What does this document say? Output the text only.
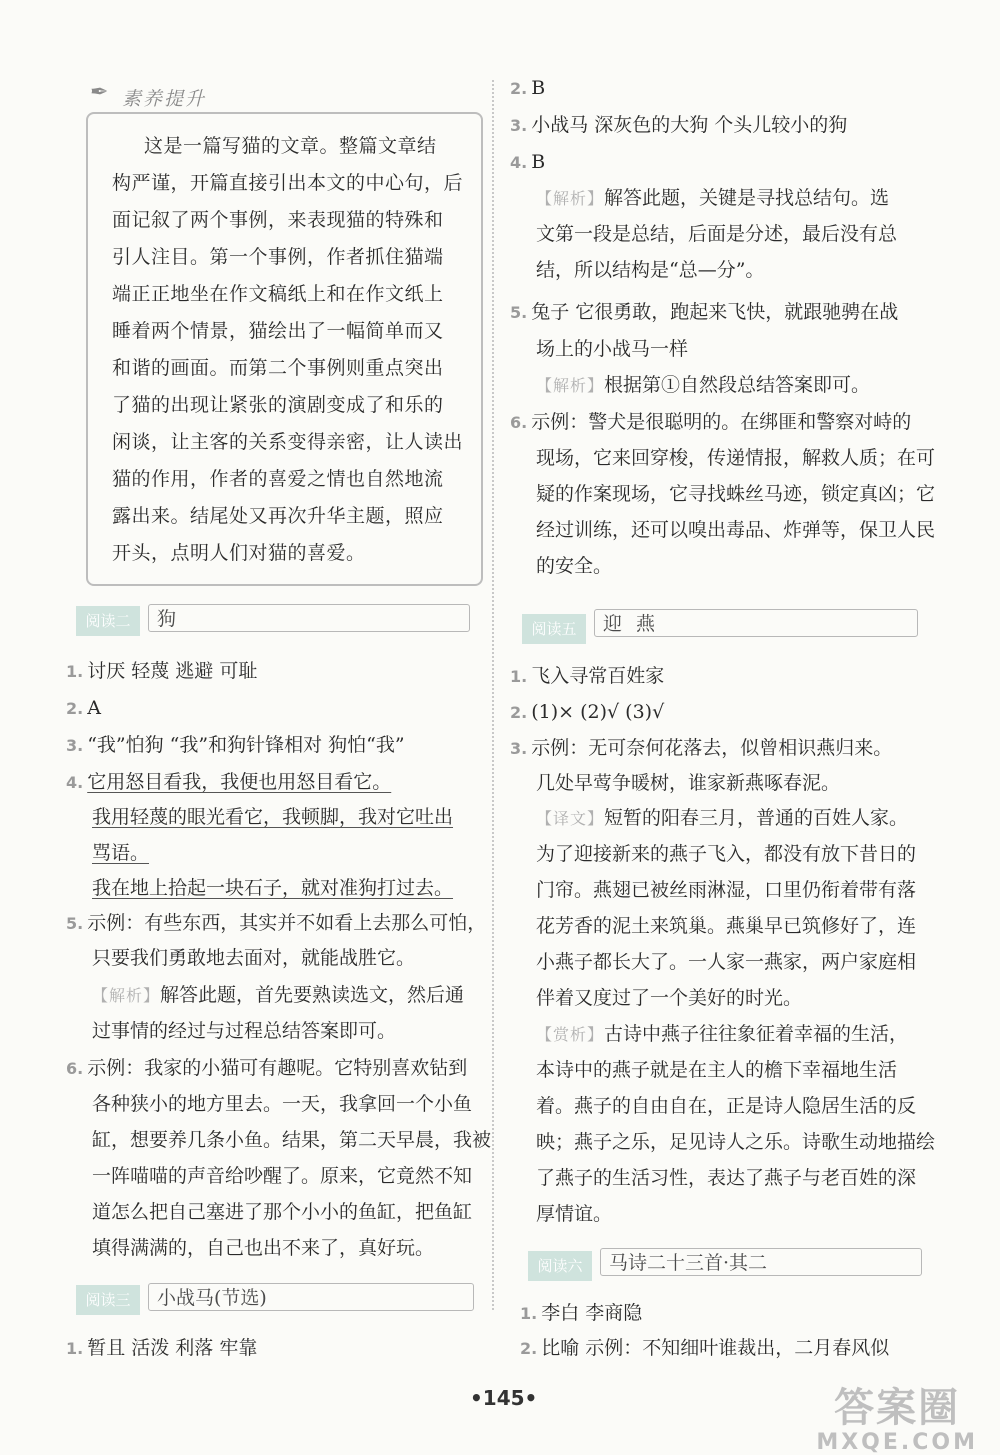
✒ 素养提升
这是一篇写猫的文章。整篇文章结
构严谨，开篇直接引出本文的中心句，后
面记叙了两个事例，来表现猫的特殊和
引人注目。第一个事例，作者抓住猫端
端正正地坐在作文稿纸上和在作文纸上
睡着两个情景，猫绘出了一幅简单而又
和谐的画面。而第二个事例则重点突出
了猫的出现让紧张的演剧变成了和乐的
闲谈，让主客的关系变得亲密，让人读出
猫的作用，作者的喜爱之情也自然地流
露出来。结尾处又再次升华主题，照应
开头，点明人们对猫的喜爱。
阅读二	狗
1. 讨厌 轻蔑 逃避 可耻
2. A
3. “我”怕狗 “我”和狗针锋相对 狗怕“我”
4. 它用怒目看我，我便也用怒目看它。
我用轻蔑的眼光看它，我顿脚，我对它吐出
骂语。
我在地上拾起一块石子，就对准狗打过去。
5. 示例：有些东西，其实并不如看上去那么可怕，
只要我们勇敢地去面对，就能战胜它。
【解析】解答此题，首先要熟读选文，然后通
过事情的经过与过程总结答案即可。
6. 示例：我家的小猫可有趣呢。它特别喜欢钻到
各种狭小的地方里去。一天，我拿回一个小鱼
缸，想要养几条小鱼。结果，第二天早晨，我被
一阵喵喵的声音给吵醒了。原来，它竟然不知
道怎么把自己塞进了那个小小的鱼缸，把鱼缸
填得满满的，自己也出不来了，真好玩。
阅读三	小战马(节选)
1. 暂且 活泼 利落 牢靠
2. B
3. 小战马 深灰色的大狗 个头儿较小的狗
4. B
【解析】解答此题，关键是寻找总结句。选
文第一段是总结，后面是分述，最后没有总
结，所以结构是“总—分”。
5. 兔子 它很勇敢，跑起来飞快，就跟驰骋在战
场上的小战马一样
【解析】根据第①自然段总结答案即可。
6. 示例：警犬是很聪明的。在绑匪和警察对峙的
现场，它来回穿梭，传递情报，解救人质；在可
疑的作案现场，它寻找蛛丝马迹，锁定真凶；它
经过训练，还可以嗅出毒品、炸弹等，保卫人民
的安全。
阅读五	迎 燕
1. 飞入寻常百姓家
2. (1)× (2)√ (3)√
3. 示例：无可奈何花落去，似曾相识燕归来。
几处早莺争暖树，谁家新燕啄春泥。
【译文】短暂的阳春三月，普通的百姓人家。
为了迎接新来的燕子飞入，都没有放下昔日的
门帘。燕翅已被丝雨淋湿，口里仍衔着带有落
花芳香的泥土来筑巢。燕巢早已筑修好了，连
小燕子都长大了。一人家一燕家，两户家庭相
伴着又度过了一个美好的时光。
【赏析】古诗中燕子往往象征着幸福的生活，
本诗中的燕子就是在主人的檐下幸福地生活
着。燕子的自由自在，正是诗人隐居生活的反
映；燕子之乐，足见诗人之乐。诗歌生动地描绘
了燕子的生活习性，表达了燕子与老百姓的深
厚情谊。
阅读六	马诗二十三首·其二
1. 李白 李商隐
2. 比喻 示例：不知细叶谁裁出，二月春风似
•145•	答案圈
MXQE.COM
